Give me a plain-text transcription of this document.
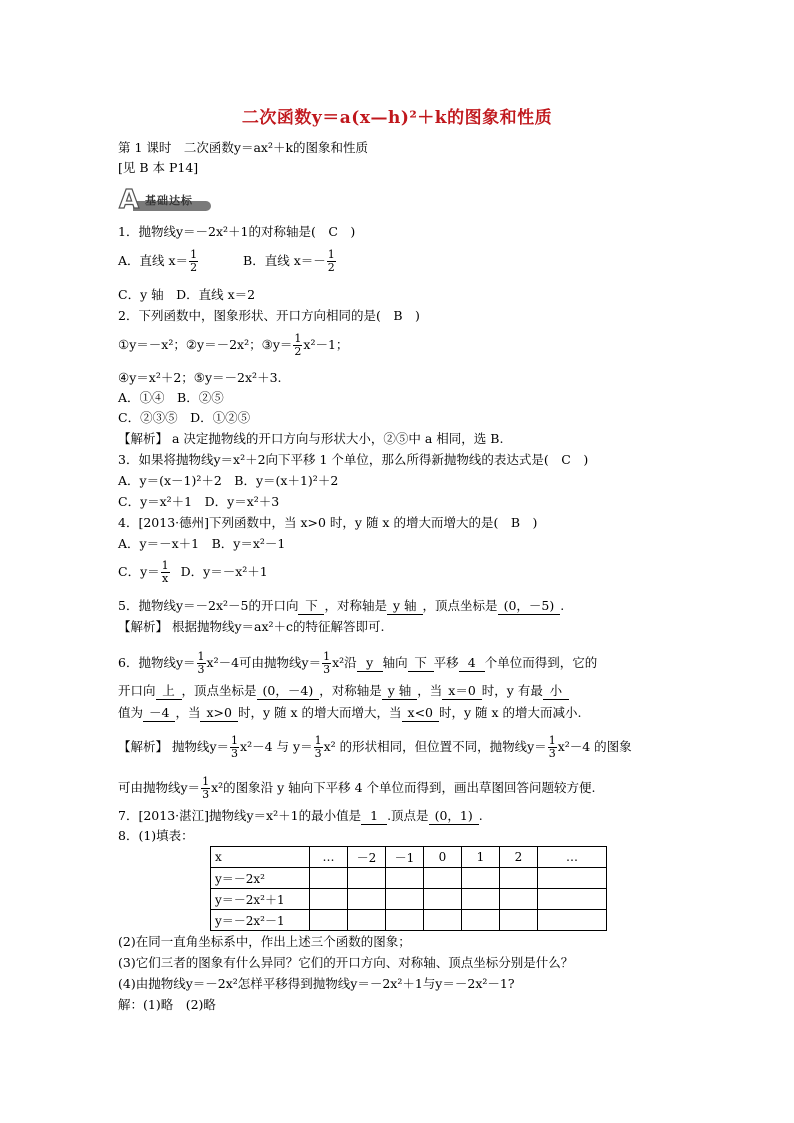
二次函数y＝a(x—h)²＋k的图象和性质
第 1 课时　二次函数y＝ax²＋k的图象和性质
[见 B 本 P14]
A 基础达标
1．抛物线y＝－2x²＋1的对称轴是(　C　)
A．直线 $x= \frac{1}{2}$	B．直线 $x=- \frac{1}{2}$
C．y 轴　D．直线 x＝2
2．下列函数中，图象形状、开口方向相同的是(　B　)
①y＝－x²；②y＝－2x²；③y＝ $\frac{1}{2} x^2-1$；
④y＝x²＋2；⑤y＝－2x²＋3.
A．①④　B．②⑤
C．②③⑤　D．①②⑤
【解析】 a 决定抛物线的开口方向与形状大小，②⑤中 a 相同，选 B.
3．如果将抛物线y＝x²＋2向下平移 1 个单位，那么所得新抛物线的表达式是(　C　)
A．y＝(x－1)²＋2　B．y＝(x＋1)²＋2
C．y＝x²＋1　D．y＝x²＋3
4．[2013·德州]下列函数中，当 x>0 时，y 随 x 的增大而增大的是(　B　)
A．y＝－x＋1　B．y＝x²－1
C．$y= \frac{1}{x}$ D．y＝－x²＋1
5．抛物线y＝－2x²－5的开口向 下 ，对称轴是 y 轴 ，顶点坐标是 (0，－5) .
【解析】 根据抛物线y＝ax²＋c的特征解答即可.
6．抛物线$y= \frac{1}{3} x^2-4$可由抛物线$y= \frac{1}{3} x^2$沿 y 轴向 下 平移 4 个单位而得到，它的
开口向 上 ，顶点坐标是 (0，－4) ，对称轴是 y 轴 ，当 x＝0 时，y 有最 小
值为 －4 ，当 x>0 时，y 随 x 的增大而增大，当 x<0 时，y 随 x 的增大而减小.
【解析】 抛物线$y= \frac{1}{3} x^2-4$ 与 $y= \frac{1}{3} x^2$ 的形状相同，但位置不同，抛物线$y= \frac{1}{3} x^2-4$ 的图象
可由抛物线$y= \frac{1}{3} x^2$的图象沿 y 轴向下平移 4 个单位而得到，画出草图回答问题较方便.
7．[2013·湛江]抛物线y＝x²＋1的最小值是 1 .顶点是 (0，1) .
8．(1)填表：
x	…	－2	－1	0	1	2	…
y＝－2x²							
y＝－2x²＋1							
y＝－2x²－1							
(2)在同一直角坐标系中，作出上述三个函数的图象；
(3)它们三者的图象有什么异同？它们的开口方向、对称轴、顶点坐标分别是什么？
(4)由抛物线y＝－2x²怎样平移得到抛物线y＝－2x²＋1与y＝－2x²－1?
解：(1)略　(2)略
